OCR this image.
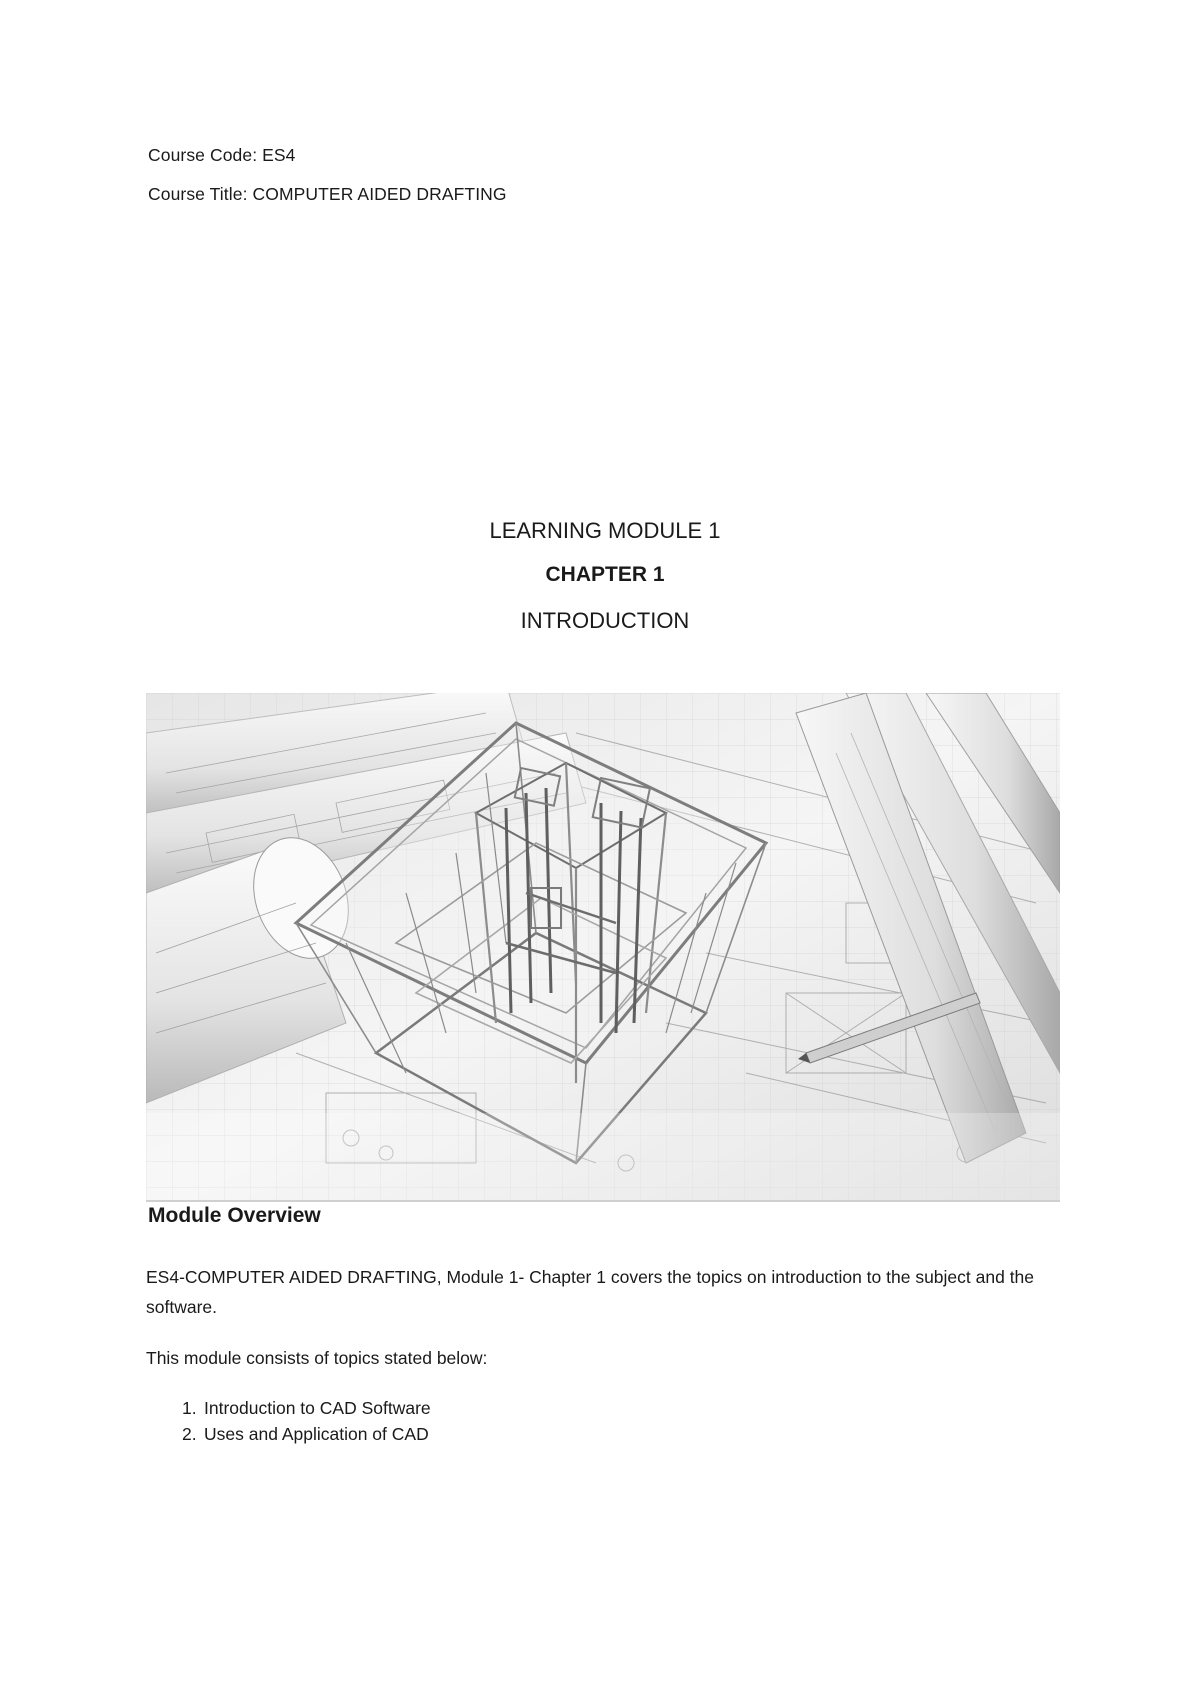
Course Code: ES4
Course Title: COMPUTER AIDED DRAFTING
LEARNING MODULE 1
CHAPTER 1
INTRODUCTION
Module Overview
ES4-COMPUTER AIDED DRAFTING, Module 1- Chapter 1 covers the topics on introduction to the subject and the software.
This module consists of topics stated below:
1. Introduction to CAD Software
2. Uses and Application of CAD
